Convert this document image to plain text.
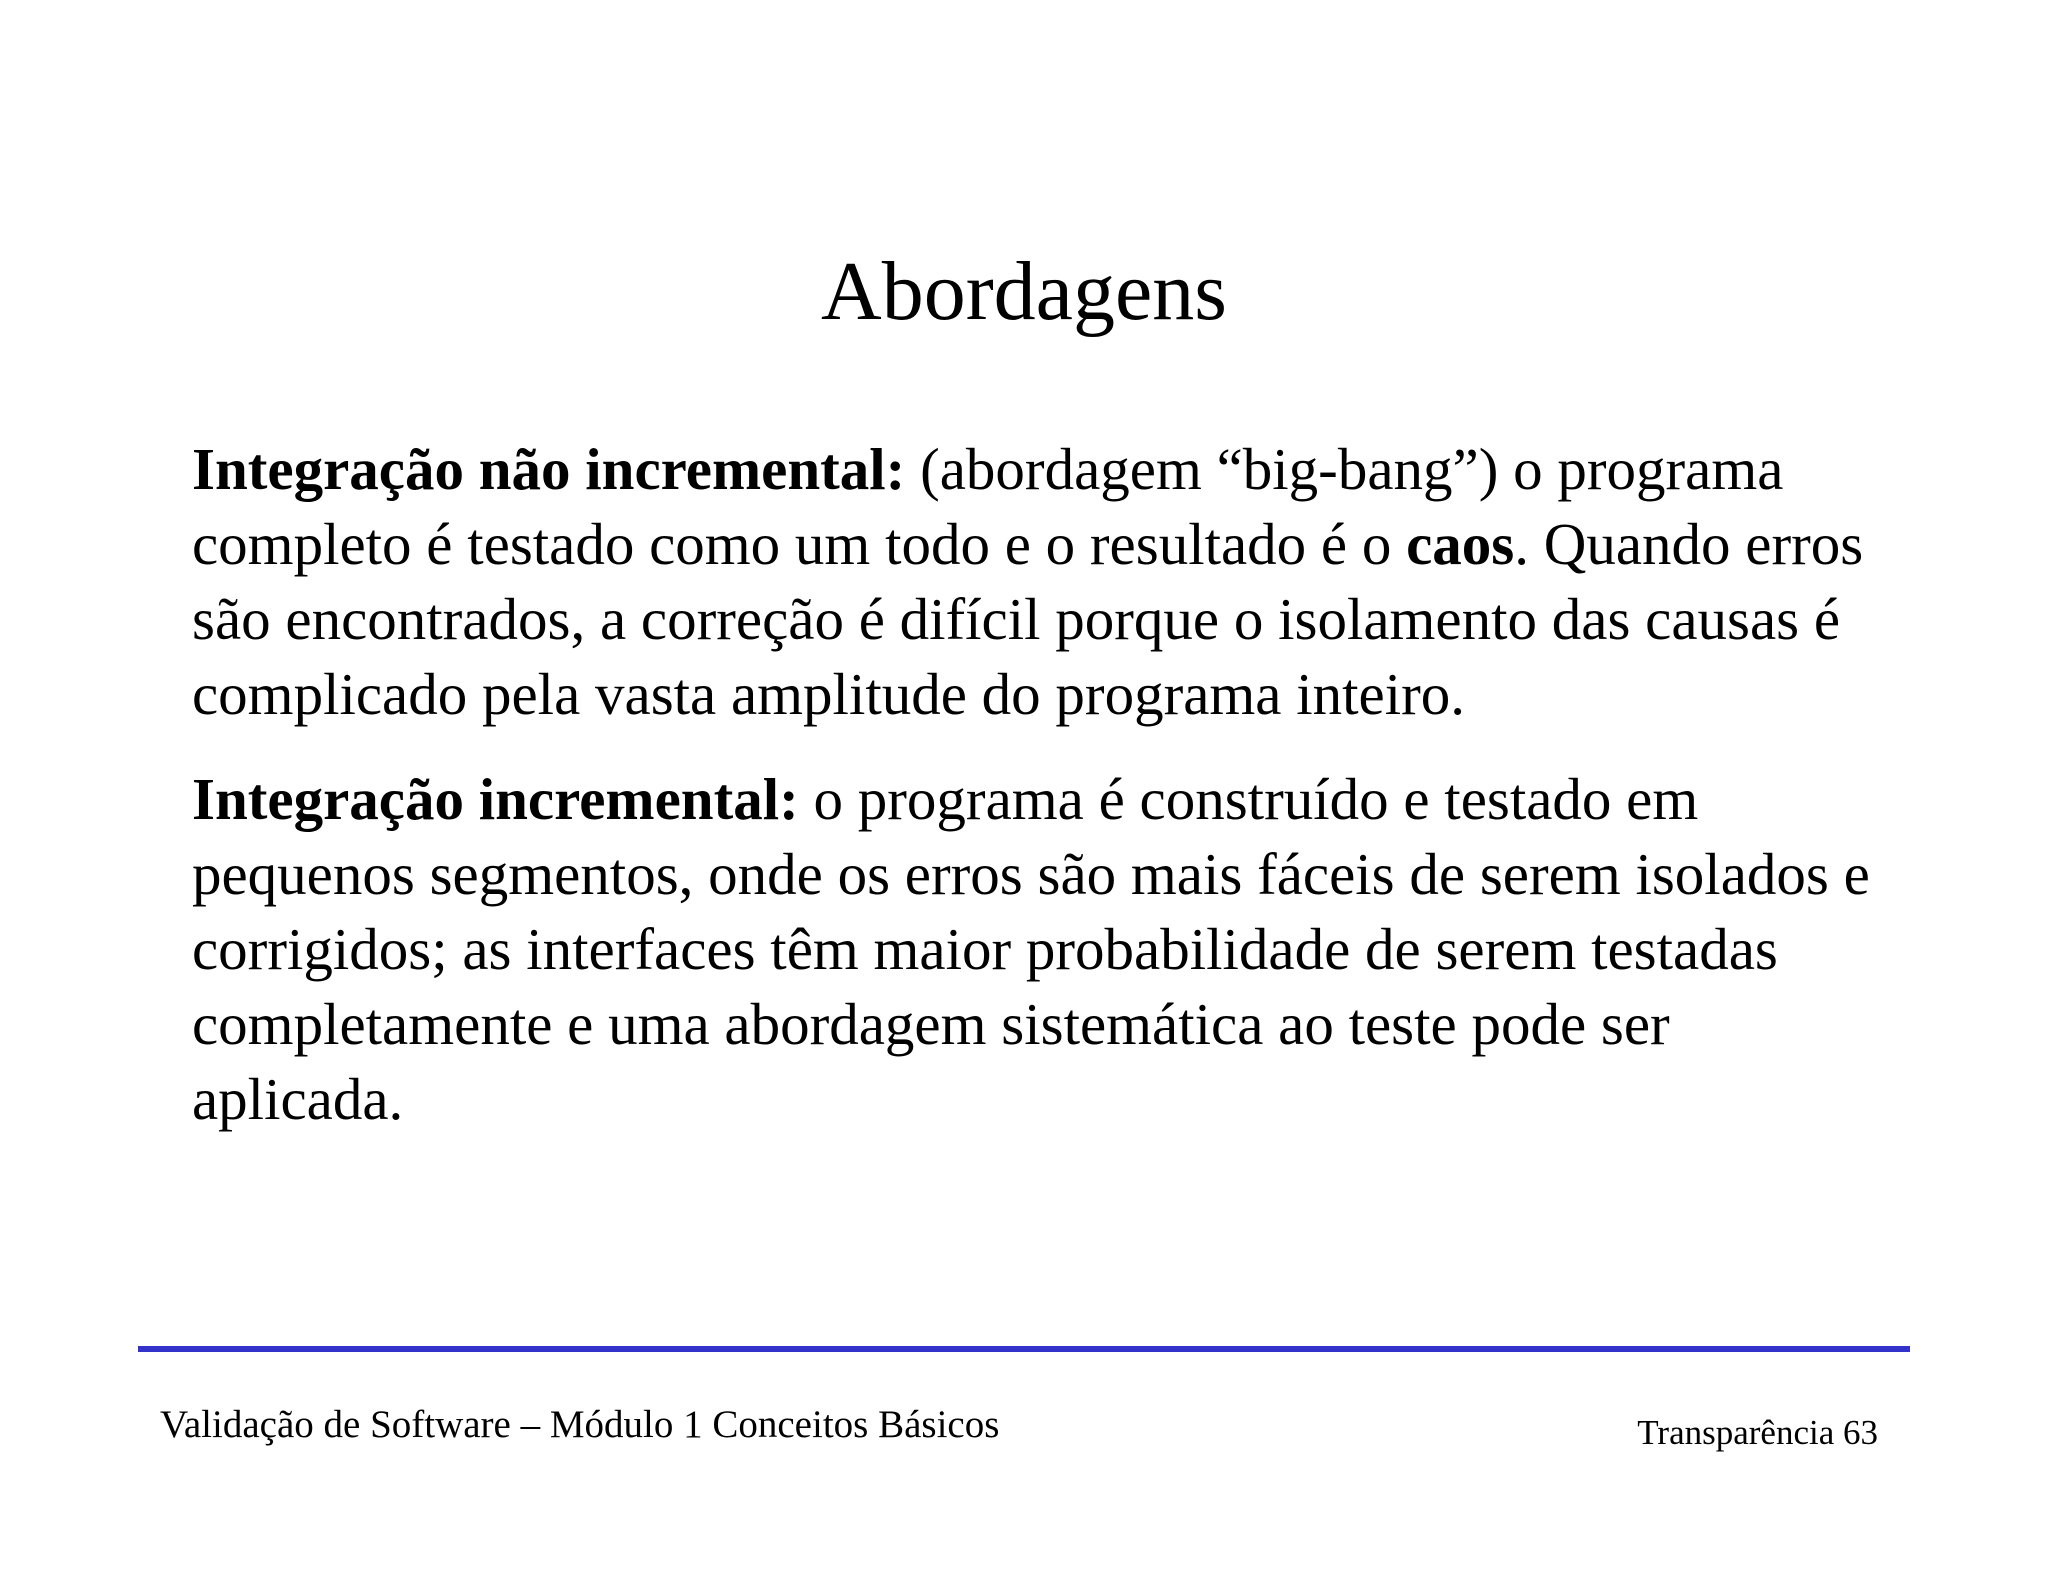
Abordagens

Integração não incremental: (abordagem “big-bang”) o programa completo é testado como um todo e o resultado é o caos. Quando erros são encontrados, a correção é difícil porque o isolamento das causas é complicado pela vasta amplitude do programa inteiro.

Integração incremental: o programa é construído e testado em pequenos segmentos, onde os erros são mais fáceis de serem isolados e corrigidos; as interfaces têm maior probabilidade de serem testadas completamente e uma abordagem sistemática ao teste pode ser aplicada.

Validação de Software – Módulo 1 Conceitos Básicos	Transparência 63
